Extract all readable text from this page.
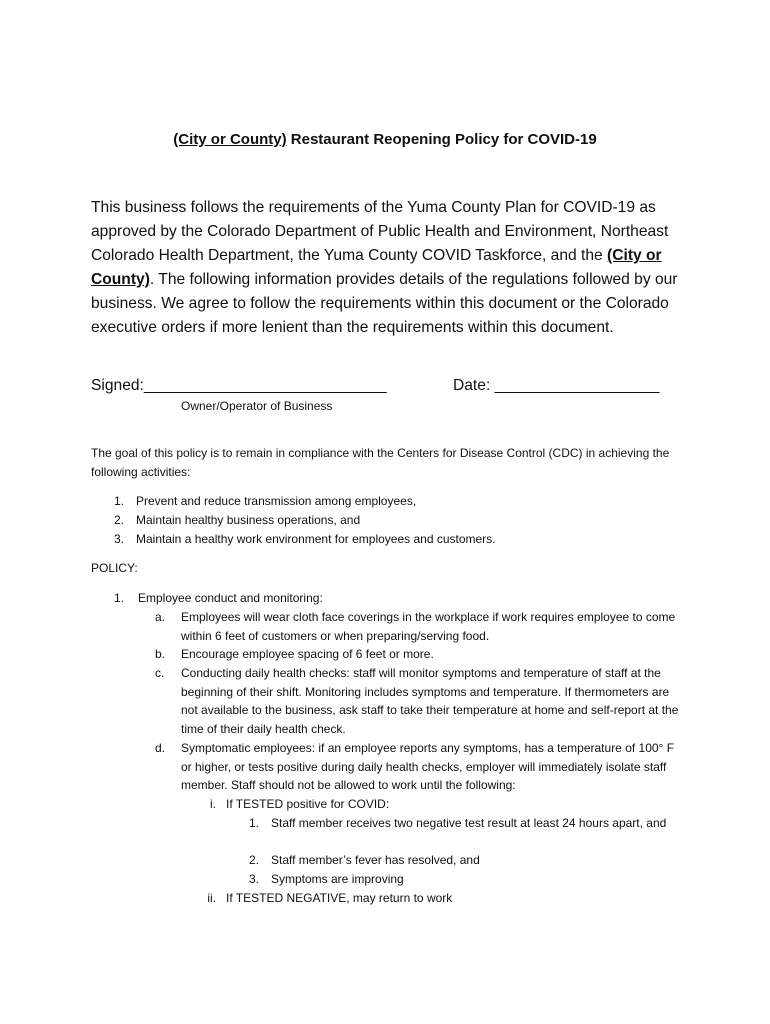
(City or County) Restaurant Reopening Policy for COVID-19

This business follows the requirements of the Yuma County Plan for COVID-19 as approved by the Colorado Department of Public Health and Environment, Northeast Colorado Health Department, the Yuma County COVID Taskforce, and the (City or County). The following information provides details of the regulations followed by our business. We agree to follow the requirements within this document or the Colorado executive orders if more lenient than the requirements within this document.

Signed:____________________________	Date: ___________________
Owner/Operator of Business

The goal of this policy is to remain in compliance with the Centers for Disease Control (CDC) in achieving the following activities:

1. Prevent and reduce transmission among employees,
2. Maintain healthy business operations, and
3. Maintain a healthy work environment for employees and customers.
POLICY:
1. Employee conduct and monitoring:
a. Employees will wear cloth face coverings in the workplace if work requires employee to come within 6 feet of customers or when preparing/serving food.
b. Encourage employee spacing of 6 feet or more.
c. Conducting daily health checks: staff will monitor symptoms and temperature of staff at the beginning of their shift. Monitoring includes symptoms and temperature. If thermometers are not available to the business, ask staff to take their temperature at home and self-report at the time of their daily health check.
d. Symptomatic employees: if an employee reports any symptoms, has a temperature of 100° F or higher, or tests positive during daily health checks, employer will immediately isolate staff member. Staff should not be allowed to work until the following:
i. If TESTED positive for COVID:
1. Staff member receives two negative test result at least 24 hours apart, and
2. Staff member’s fever has resolved, and
3. Symptoms are improving
ii. If TESTED NEGATIVE, may return to work
